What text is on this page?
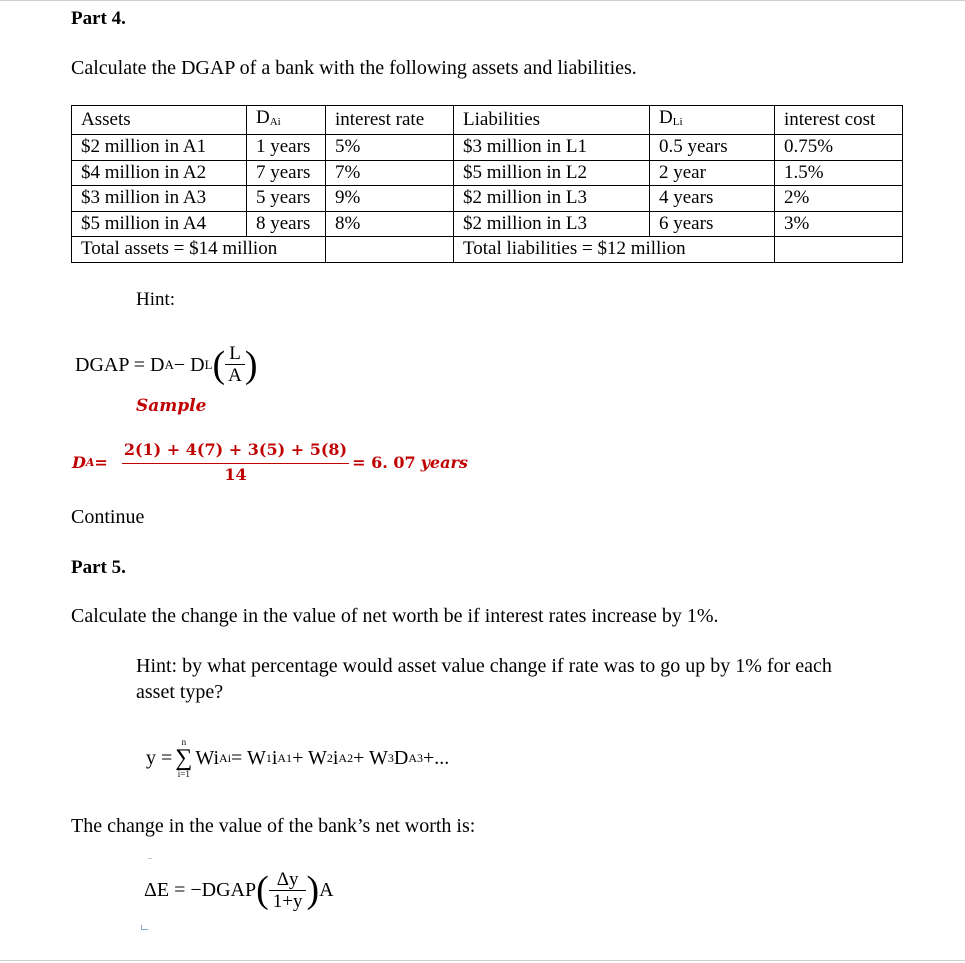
Part 4.
Calculate the DGAP of a bank with the following assets and liabilities.
Assets	$D_{Ai}$	interest rate	Liabilities	$D_{Li}$	interest cost
$2 million in A1	1 years	5%	$3 million in L1	0.5 years	0.75%
$4 million in A2	7 years	7%	$5 million in L2	2 year	1.5%
$3 million in A3	5 years	9%	$2 million in L3	4 years	2%
$5 million in A4	8 years	8%	$2 million in L3	6 years	3%
Total assets = $14 million			Total liabilities = $12 million		
Hint:
DGAP = D A − D L ( $\frac{L}{A}$ )
Sample
D $A = \frac{2(1) + 4(7) + 3(5) + 5(8)}{14} = 6$. 07 years
Continue
Part 5.
Calculate the change in the value of net worth be if interest rates increase by 1%.
Hint: by what percentage would asset value change if rate was to go up by 1% for each
asset type?
y =
n
∑
i=1
Wi Ai = W 1 i A1 + W 2 i A2 + W 3 D A3 +...
The change in the value of the bank’s net worth is:
ΔE = −DGAP ( $\frac{\Delta y}{1+y}$ ) A
